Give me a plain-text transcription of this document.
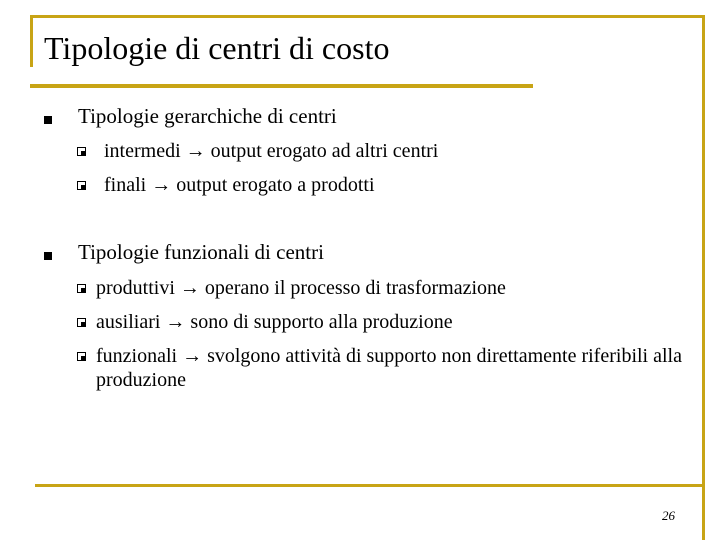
Tipologie di centri di costo
Tipologie gerarchiche di centri
intermedi → output erogato ad altri centri
finali → output erogato a prodotti
Tipologie funzionali di centri
produttivi → operano il processo di trasformazione
ausiliari → sono di supporto alla produzione
funzionali → svolgono attività di supporto non direttamente riferibili alla produzione
26
